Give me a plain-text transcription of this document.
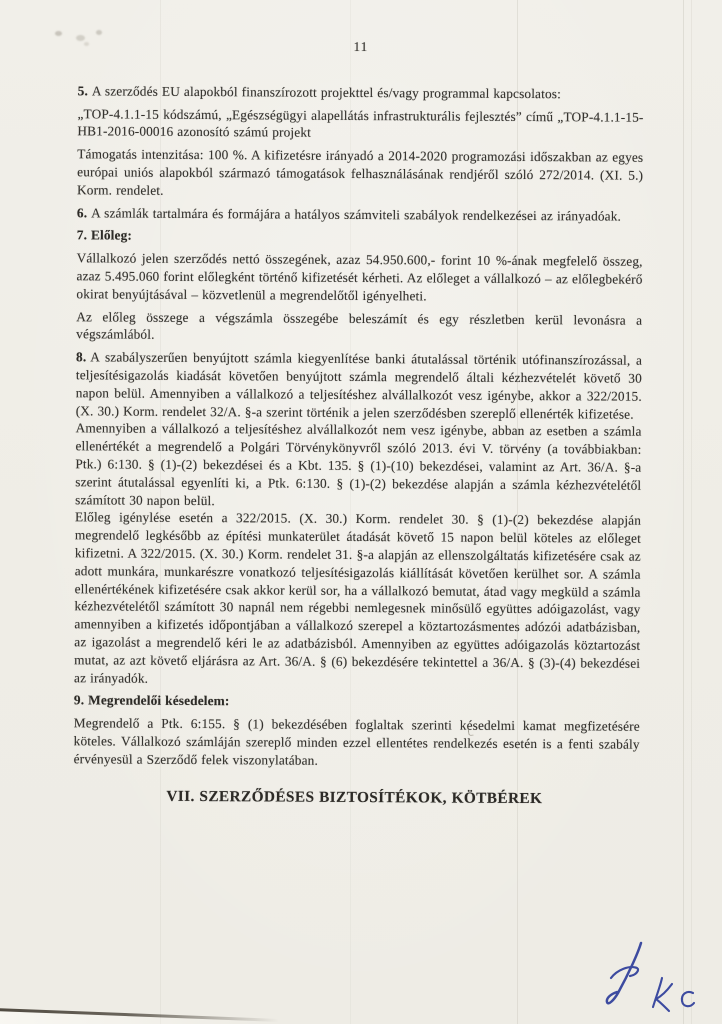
11

5. A szerződés EU alapokból finanszírozott projekttel és/vagy programmal kapcsolatos:

„TOP-4.1.1-15 kódszámú, „Egészségügyi alapellátás infrastrukturális fejlesztés” című „TOP-4.1.1-15-HB1-2016-00016 azonosító számú projekt

Támogatás intenzitása: 100 %. A kifizetésre irányadó a 2014-2020 programozási időszakban az egyes európai uniós alapokból származó támogatások felhasználásának rendjéről szóló 272/2014. (XI. 5.) Korm. rendelet.

6. A számlák tartalmára és formájára a hatályos számviteli szabályok rendelkezései az irányadóak.

7. Előleg:

Vállalkozó jelen szerződés nettó összegének, azaz 54.950.600,- forint 10 %-ának megfelelő összeg, azaz 5.495.060 forint előlegként történő kifizetését kérheti. Az előleget a vállalkozó – az előlegbekérő okirat benyújtásával – közvetlenül a megrendelőtől igényelheti.

Az előleg összege a végszámla összegébe beleszámít és egy részletben kerül levonásra a végszámlából.

8. A szabályszerűen benyújtott számla kiegyenlítése banki átutalással történik utófinanszírozással, a teljesítésigazolás kiadását követően benyújtott számla megrendelő általi kézhezvételét követő 30 napon belül. Amennyiben a vállalkozó a teljesítéshez alvállalkozót vesz igénybe, akkor a 322/2015. (X. 30.) Korm. rendelet 32/A. §-a szerint történik a jelen szerződésben szereplő ellenérték kifizetése.

Amennyiben a vállalkozó a teljesítéshez alvállalkozót nem vesz igénybe, abban az esetben a számla ellenértékét a megrendelő a Polgári Törvénykönyvről szóló 2013. évi V. törvény (a továbbiakban: Ptk.) 6:130. § (1)-(2) bekezdései és a Kbt. 135. § (1)-(10) bekezdései, valamint az Art. 36/A. §-a szerint átutalással egyenlíti ki, a Ptk. 6:130. § (1)-(2) bekezdése alapján a számla kézhezvételétől számított 30 napon belül.

Előleg igénylése esetén a 322/2015. (X. 30.) Korm. rendelet 30. § (1)-(2) bekezdése alapján megrendelő legkésőbb az építési munkaterület átadását követő 15 napon belül köteles az előleget kifizetni. A 322/2015. (X. 30.) Korm. rendelet 31. §-a alapján az ellenszolgáltatás kifizetésére csak az adott munkára, munkarészre vonatkozó teljesítésigazolás kiállítását követően kerülhet sor. A számla ellenértékének kifizetésére csak akkor kerül sor, ha a vállalkozó bemutat, átad vagy megküld a számla kézhezvételétől számított 30 napnál nem régebbi nemlegesnek minősülő együttes adóigazolást, vagy amennyiben a kifizetés időpontjában a vállalkozó szerepel a köztartozásmentes adózói adatbázisban, az igazolást a megrendelő kéri le az adatbázisból. Amennyiben az együttes adóigazolás köztartozást mutat, az azt követő eljárásra az Art. 36/A. § (6) bekezdésére tekintettel a 36/A. § (3)-(4) bekezdései az irányadók.

9. Megrendelői késedelem:

Megrendelő a Ptk. 6:155. § (1) bekezdésében foglaltak szerinti késedelmi kamat megfizetésére köteles. Vállalkozó számláján szereplő minden ezzel ellentétes rendelkezés esetén is a fenti szabály érvényesül a Szerződő felek viszonylatában.

VII. SZERZŐDÉSES BIZTOSÍTÉKOK, KÖTBÉREK
